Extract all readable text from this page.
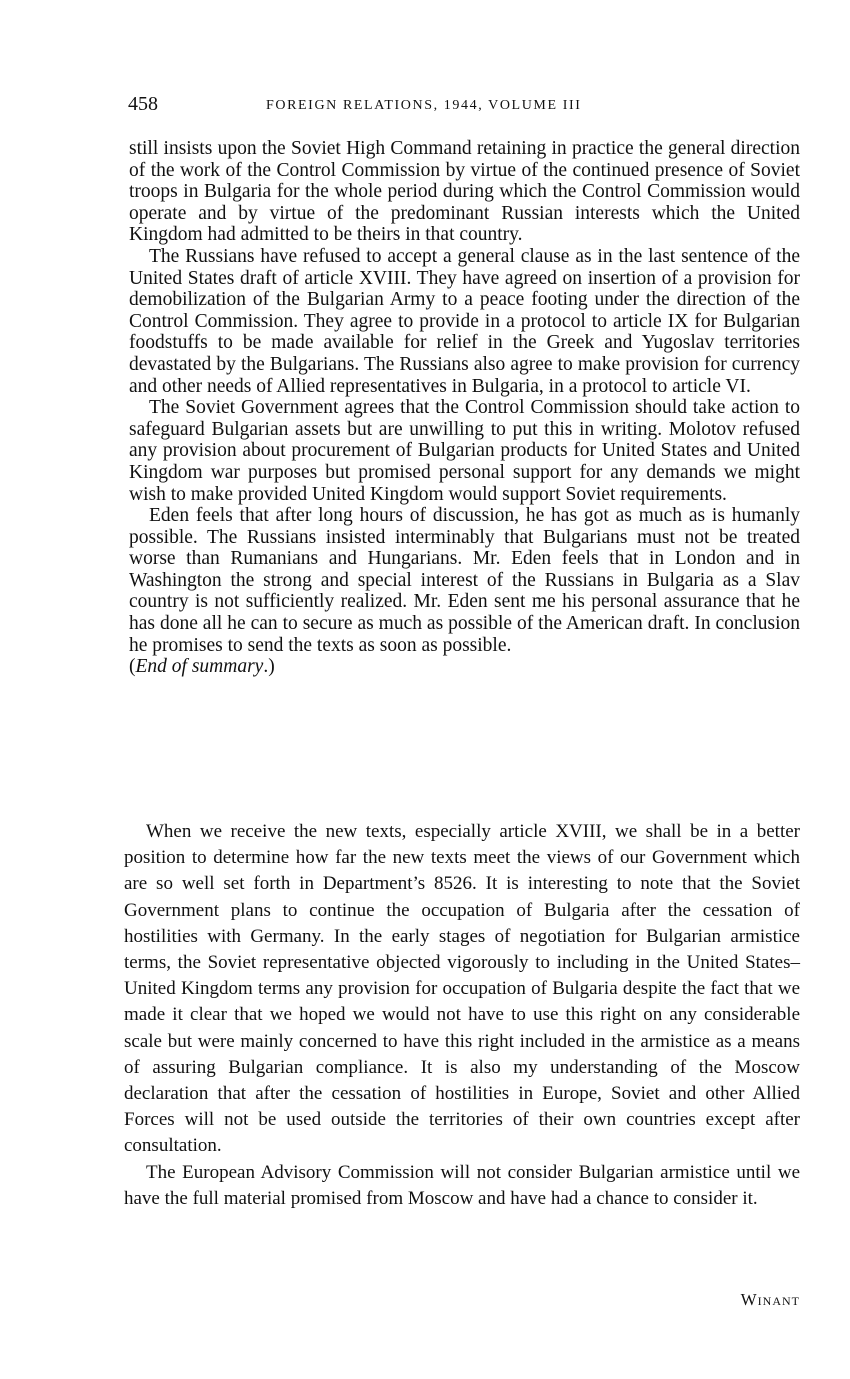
458	FOREIGN RELATIONS, 1944, VOLUME III

still insists upon the Soviet High Command retaining in practice the general direction of the work of the Control Commission by virtue of the continued presence of Soviet troops in Bulgaria for the whole period during which the Control Commission would operate and by virtue of the predominant Russian interests which the United Kingdom had admitted to be theirs in that country.

The Russians have refused to accept a general clause as in the last sentence of the United States draft of article XVIII. They have agreed on insertion of a provision for demobilization of the Bulgarian Army to a peace footing under the direction of the Control Commission. They agree to provide in a protocol to article IX for Bulgarian foodstuffs to be made available for relief in the Greek and Yugoslav territories devastated by the Bulgarians. The Russians also agree to make provision for currency and other needs of Allied representatives in Bulgaria, in a protocol to article VI.

The Soviet Government agrees that the Control Commission should take action to safeguard Bulgarian assets but are unwilling to put this in writing. Molotov refused any provision about procurement of Bulgarian products for United States and United Kingdom war purposes but promised personal support for any demands we might wish to make provided United Kingdom would support Soviet requirements.

Eden feels that after long hours of discussion, he has got as much as is humanly possible. The Russians insisted interminably that Bulgarians must not be treated worse than Rumanians and Hungarians. Mr. Eden feels that in London and in Washington the strong and special interest of the Russians in Bulgaria as a Slav country is not sufficiently realized. Mr. Eden sent me his personal assurance that he has done all he can to secure as much as possible of the American draft. In conclusion he promises to send the texts as soon as possible.

(End of summary.)

When we receive the new texts, especially article XVIII, we shall be in a better position to determine how far the new texts meet the views of our Government which are so well set forth in Department’s 8526. It is interesting to note that the Soviet Government plans to continue the occupation of Bulgaria after the cessation of hostilities with Germany. In the early stages of negotiation for Bulgarian armistice terms, the Soviet representative objected vigorously to including in the United States–United Kingdom terms any provision for occupation of Bulgaria despite the fact that we made it clear that we hoped we would not have to use this right on any considerable scale but were mainly concerned to have this right included in the armistice as a means of assuring Bulgarian compliance. It is also my understanding of the Moscow declaration that after the cessation of hostilities in Europe, Soviet and other Allied Forces will not be used outside the territories of their own countries except after consultation.

The European Advisory Commission will not consider Bulgarian armistice until we have the full material promised from Moscow and have had a chance to consider it.

Winant
